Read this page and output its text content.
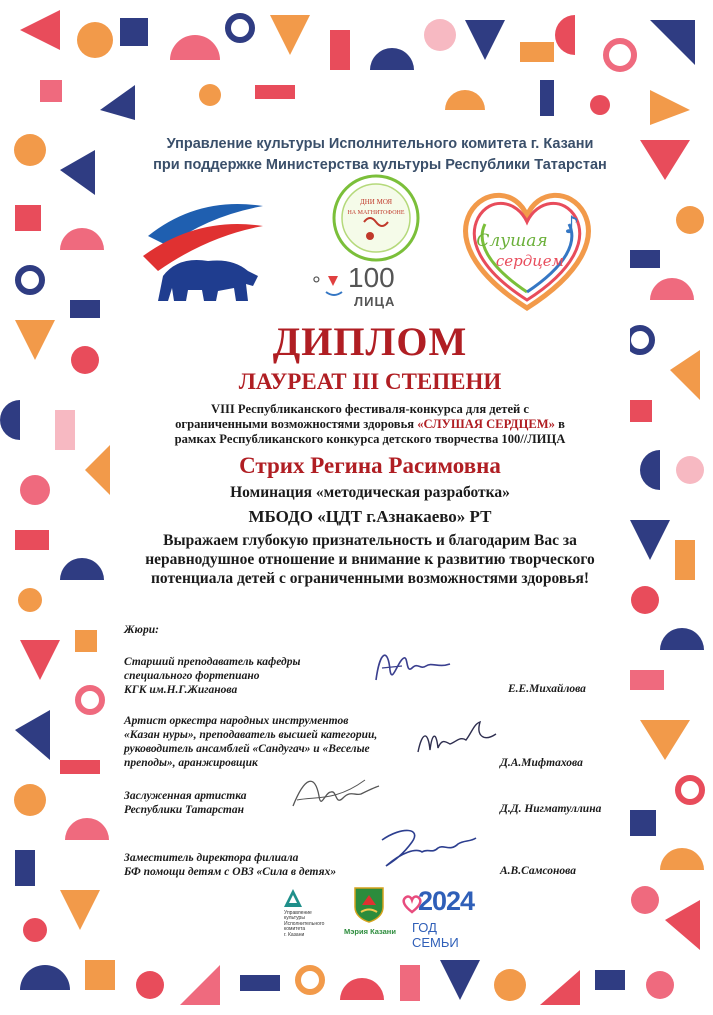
Управление культуры Исполнительного комитета г. Казани
при поддержке Министерства культуры Республики Татарстан
ДНИ МОЯ
НА МАГНИТОФОНЕ
° 100
ЛИЦА
Слушая
сердцем
♪
ДИПЛОМ
ЛАУРЕАТ III СТЕПЕНИ
VIII Республиканского фестиваля-конкурса для детей с
ограниченными возможностями здоровья «СЛУШАЯ СЕРДЦЕМ» в
рамках Республиканского конкурса детского творчества 100//ЛИЦА
Стрих Регина Расимовна
Номинация «методическая разработка»
МБОДО «ЦДТ г.Азнакаево» РТ
Выражаем глубокую признательность и благодарим Вас за
неравнодушное отношение и внимание к развитию творческого
потенциала детей с ограниченными возможностями здоровья!
Жюри:
Старший преподаватель кафедры
специального фортепиано
КГК им.Н.Г.Жиганова	Е.Е.Михайлова
Артист оркестра народных инструментов
«Казан нуры», преподаватель высшей категории,
руководитель ансамблей «Сандугач» и «Веселые
преподы», аранжировщик	Д.А.Мифтахова
Заслуженная артистка
Республики Татарстан	Д.Д. Нигматуллина
Заместитель директора филиала
БФ помощи детям с ОВЗ «Сила в детях»	А.В.Самсонова
Управление
культуры
Исполнительного
комитета
г. Казани	Мэрия Казани
2024
ГОД СЕМЬИ
